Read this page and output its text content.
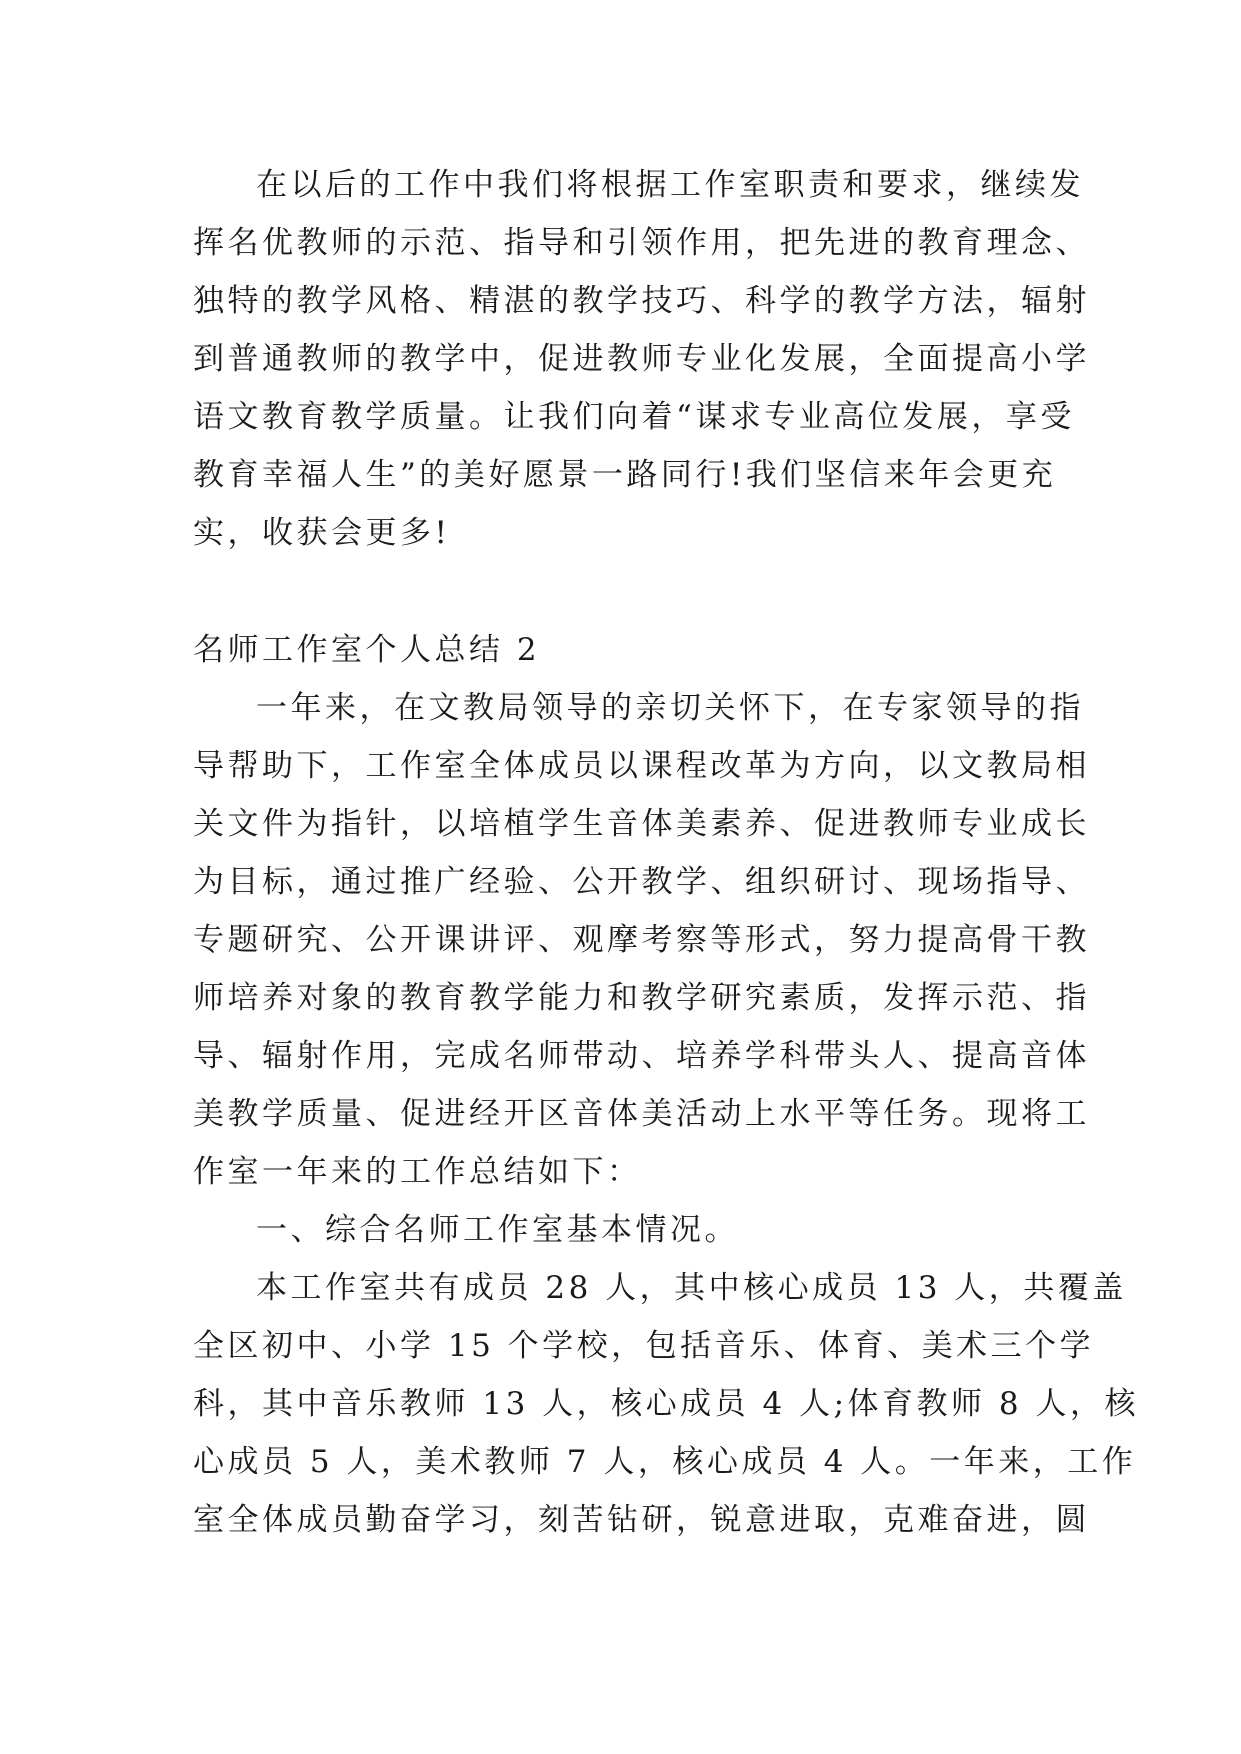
在以后的工作中我们将根据工作室职责和要求，继续发
挥名优教师的示范、指导和引领作用，把先进的教育理念、
独特的教学风格、精湛的教学技巧、科学的教学方法，辐射
到普通教师的教学中，促进教师专业化发展，全面提高小学
语文教育教学质量。让我们向着“谋求专业高位发展，享受
教育幸福人生”的美好愿景一路同行!我们坚信来年会更充
实，收获会更多!
名师工作室个人总结 2
一年来，在文教局领导的亲切关怀下，在专家领导的指
导帮助下，工作室全体成员以课程改革为方向，以文教局相
关文件为指针，以培植学生音体美素养、促进教师专业成长
为目标，通过推广经验、公开教学、组织研讨、现场指导、
专题研究、公开课讲评、观摩考察等形式，努力提高骨干教
师培养对象的教育教学能力和教学研究素质，发挥示范、指
导、辐射作用，完成名师带动、培养学科带头人、提高音体
美教学质量、促进经开区音体美活动上水平等任务。现将工
作室一年来的工作总结如下：
一、综合名师工作室基本情况。
本工作室共有成员 28 人，其中核心成员 13 人，共覆盖
全区初中、小学 15 个学校，包括音乐、体育、美术三个学
科，其中音乐教师 13 人，核心成员 4 人;体育教师 8 人，核
心成员 5 人，美术教师 7 人，核心成员 4 人。一年来，工作
室全体成员勤奋学习，刻苦钻研，锐意进取，克难奋进，圆
